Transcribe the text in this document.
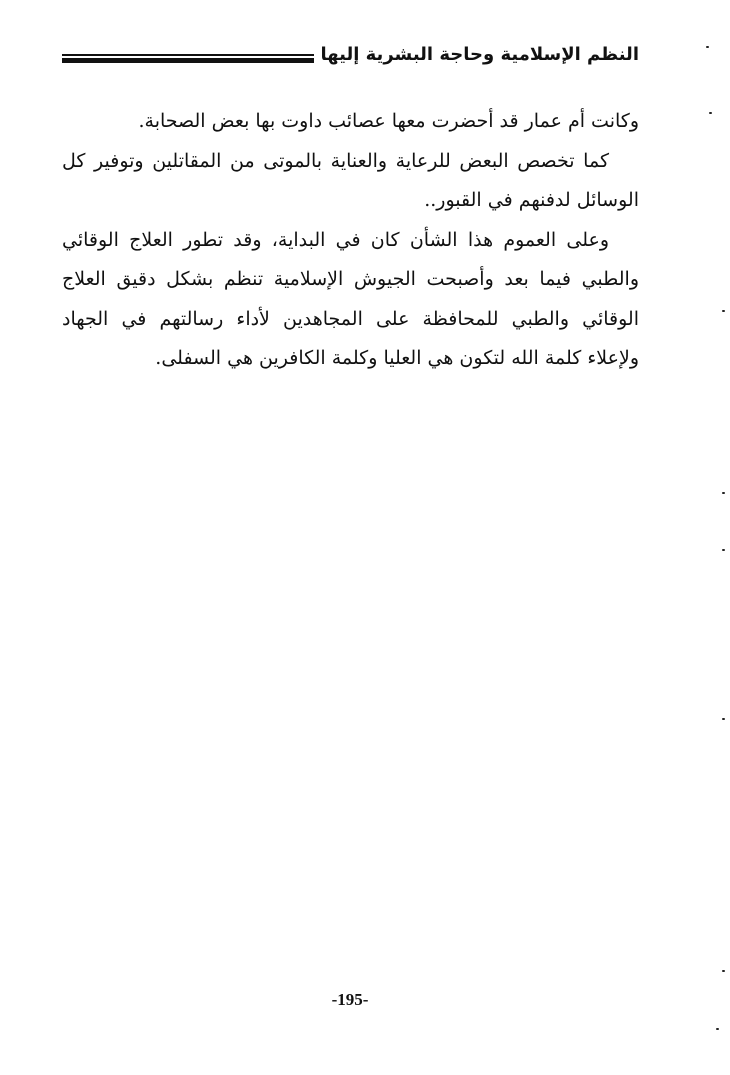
النظم الإسلامية وحاجة البشرية إليها

وكانت أم عمار قد أحضرت معها عصائب داوت بها بعض الصحابة.

كما تخصص البعض للرعاية والعناية بالموتى من المقاتلين وتوفير كل الوسائل لدفنهم في القبور..

وعلى العموم هذا الشأن كان في البداية، وقد تطور العلاج الوقائي والطبي فيما بعد وأصبحت الجيوش الإسلامية تنظم بشكل دقيق العلاج الوقائي والطبي للمحافظة على المجاهدين لأداء رسالتهم في الجهاد ولإعلاء كلمة الله لتكون هي العليا وكلمة الكافرين هي السفلى.

-195-
